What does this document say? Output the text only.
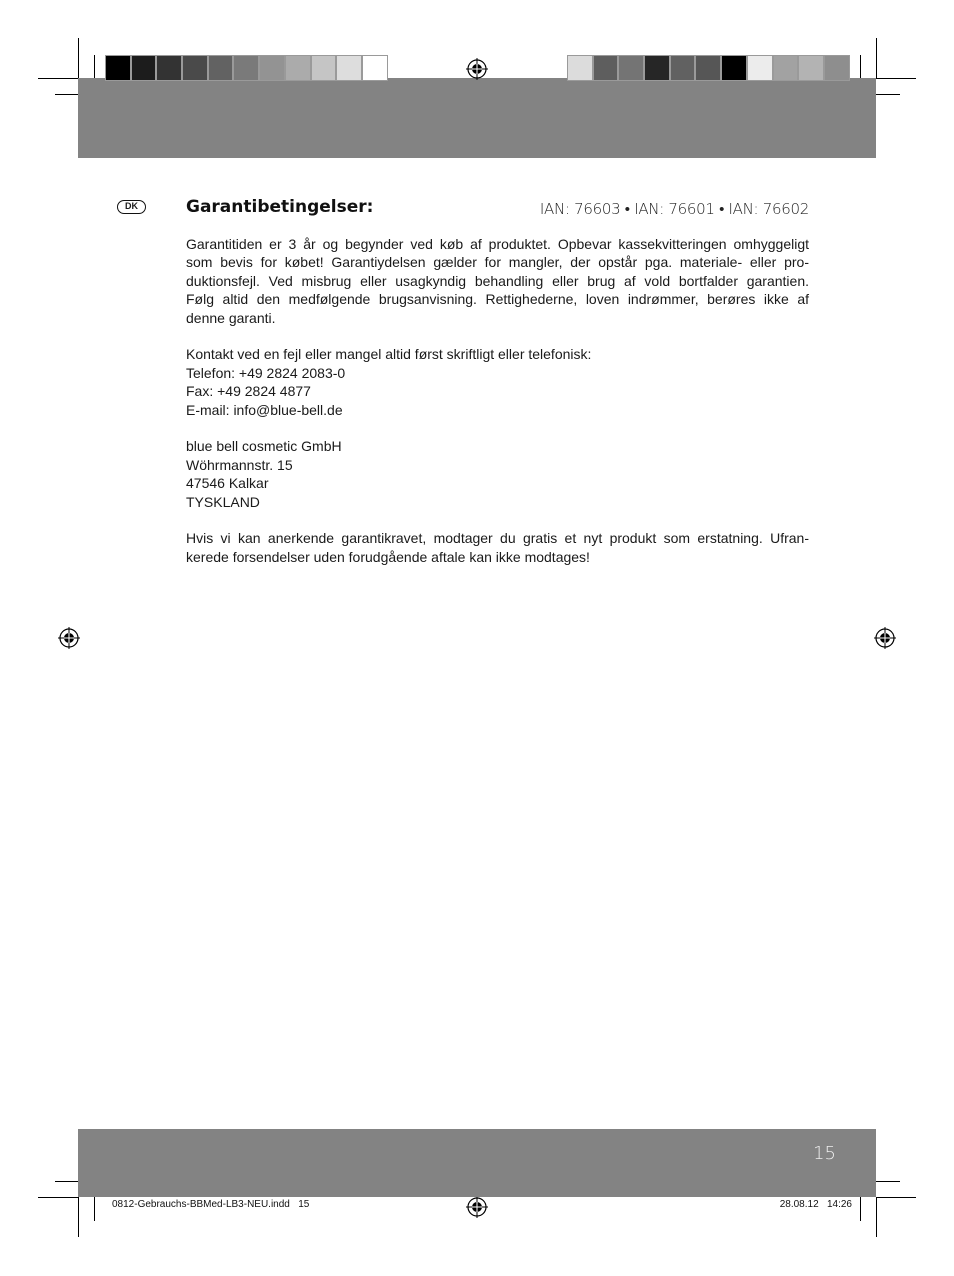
DK	Garantibetingelser:	IAN: 76603 • IAN: 76601 • IAN: 76602

Garantitiden er 3 år og begynder ved køb af produktet. Opbevar kassekvitteringen omhyggeligt
som bevis for købet! Garantiydelsen gælder for mangler, der opstår pga. materiale- eller pro-
duktionsfejl. Ved misbrug eller usagkyndig behandling eller brug af vold bortfalder garantien.
Følg altid den medfølgende brugsanvisning. Rettighederne, loven indrømmer, berøres ikke af
denne garanti.

Kontakt ved en fejl eller mangel altid først skriftligt eller telefonisk:
Telefon: +49 2824 2083-0
Fax: +49 2824 4877
E-mail: info@blue-bell.de

blue bell cosmetic GmbH
Wöhrmannstr. 15
47546 Kalkar
TYSKLAND

Hvis vi kan anerkende garantikravet, modtager du gratis et nyt produkt som erstatning. Ufran-
kerede forsendelser uden forudgående aftale kan ikke modtages!

15
0812-Gebrauchs-BBMed-LB3-NEU.indd   15	28.08.12   14:26
